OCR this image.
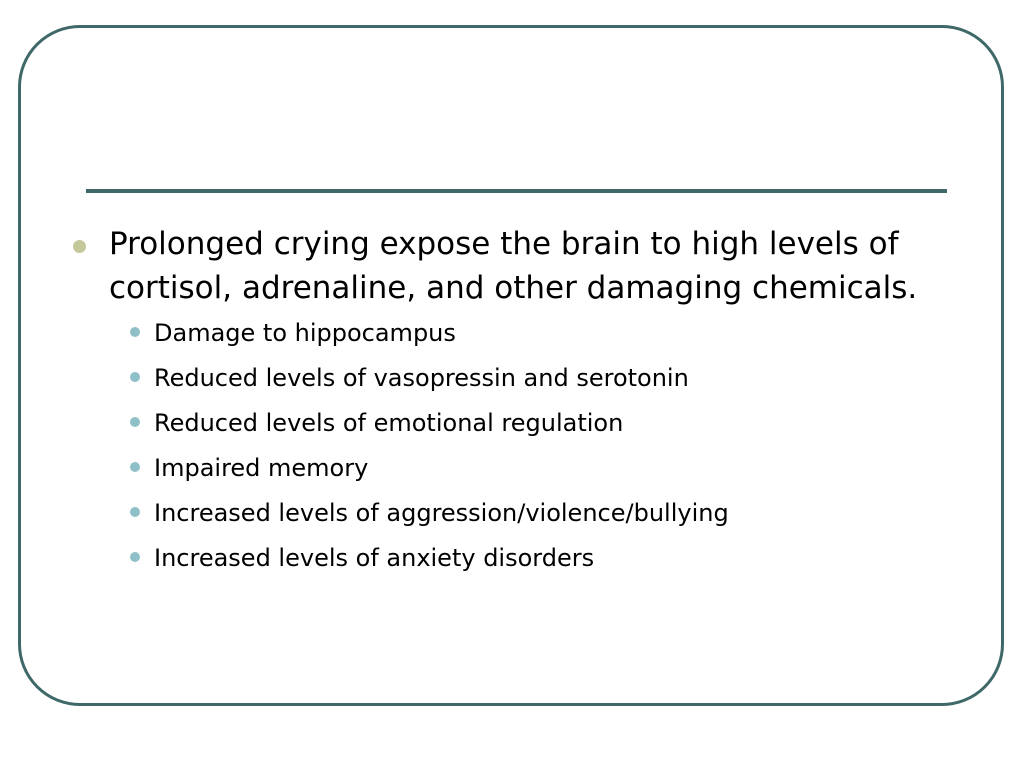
Prolonged crying expose the brain to high levels of cortisol, adrenaline, and other damaging chemicals.
Damage to hippocampus
Reduced levels of vasopressin and serotonin
Reduced levels of emotional regulation
Impaired memory
Increased levels of aggression/violence/bullying
Increased levels of anxiety disorders
